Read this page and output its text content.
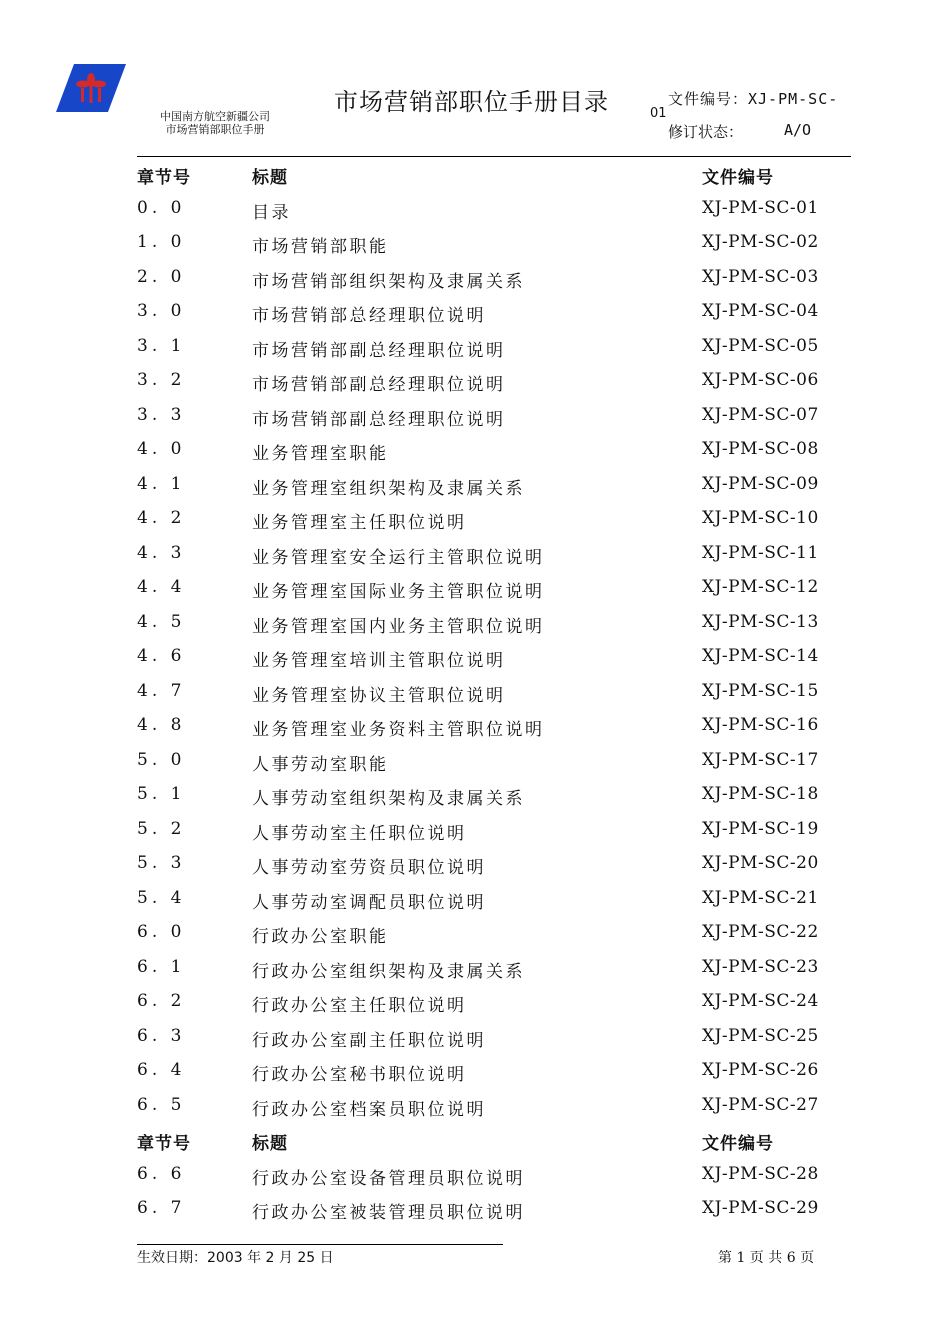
中国南方航空新疆公司
市场营销部职位手册
市场营销部职位手册目录	文件编号：XJ-PM-SC-
01
修订状态：	A/O
章节号	标题	文件编号
0. 0	目录	XJ-PM-SC-01
1. 0	市场营销部职能	XJ-PM-SC-02
2. 0	市场营销部组织架构及隶属关系	XJ-PM-SC-03
3. 0	市场营销部总经理职位说明	XJ-PM-SC-04
3. 1	市场营销部副总经理职位说明	XJ-PM-SC-05
3. 2	市场营销部副总经理职位说明	XJ-PM-SC-06
3. 3	市场营销部副总经理职位说明	XJ-PM-SC-07
4. 0	业务管理室职能	XJ-PM-SC-08
4. 1	业务管理室组织架构及隶属关系	XJ-PM-SC-09
4. 2	业务管理室主任职位说明	XJ-PM-SC-10
4. 3	业务管理室安全运行主管职位说明	XJ-PM-SC-11
4. 4	业务管理室国际业务主管职位说明	XJ-PM-SC-12
4. 5	业务管理室国内业务主管职位说明	XJ-PM-SC-13
4. 6	业务管理室培训主管职位说明	XJ-PM-SC-14
4. 7	业务管理室协议主管职位说明	XJ-PM-SC-15
4. 8	业务管理室业务资料主管职位说明	XJ-PM-SC-16
5. 0	人事劳动室职能	XJ-PM-SC-17
5. 1	人事劳动室组织架构及隶属关系	XJ-PM-SC-18
5. 2	人事劳动室主任职位说明	XJ-PM-SC-19
5. 3	人事劳动室劳资员职位说明	XJ-PM-SC-20
5. 4	人事劳动室调配员职位说明	XJ-PM-SC-21
6. 0	行政办公室职能	XJ-PM-SC-22
6. 1	行政办公室组织架构及隶属关系	XJ-PM-SC-23
6. 2	行政办公室主任职位说明	XJ-PM-SC-24
6. 3	行政办公室副主任职位说明	XJ-PM-SC-25
6. 4	行政办公室秘书职位说明	XJ-PM-SC-26
6. 5	行政办公室档案员职位说明	XJ-PM-SC-27
章节号	标题	文件编号
6. 6	行政办公室设备管理员职位说明	XJ-PM-SC-28
6. 7	行政办公室被装管理员职位说明	XJ-PM-SC-29
生效日期：2003 年 2 月 25 日	第 1 页 共 6 页
